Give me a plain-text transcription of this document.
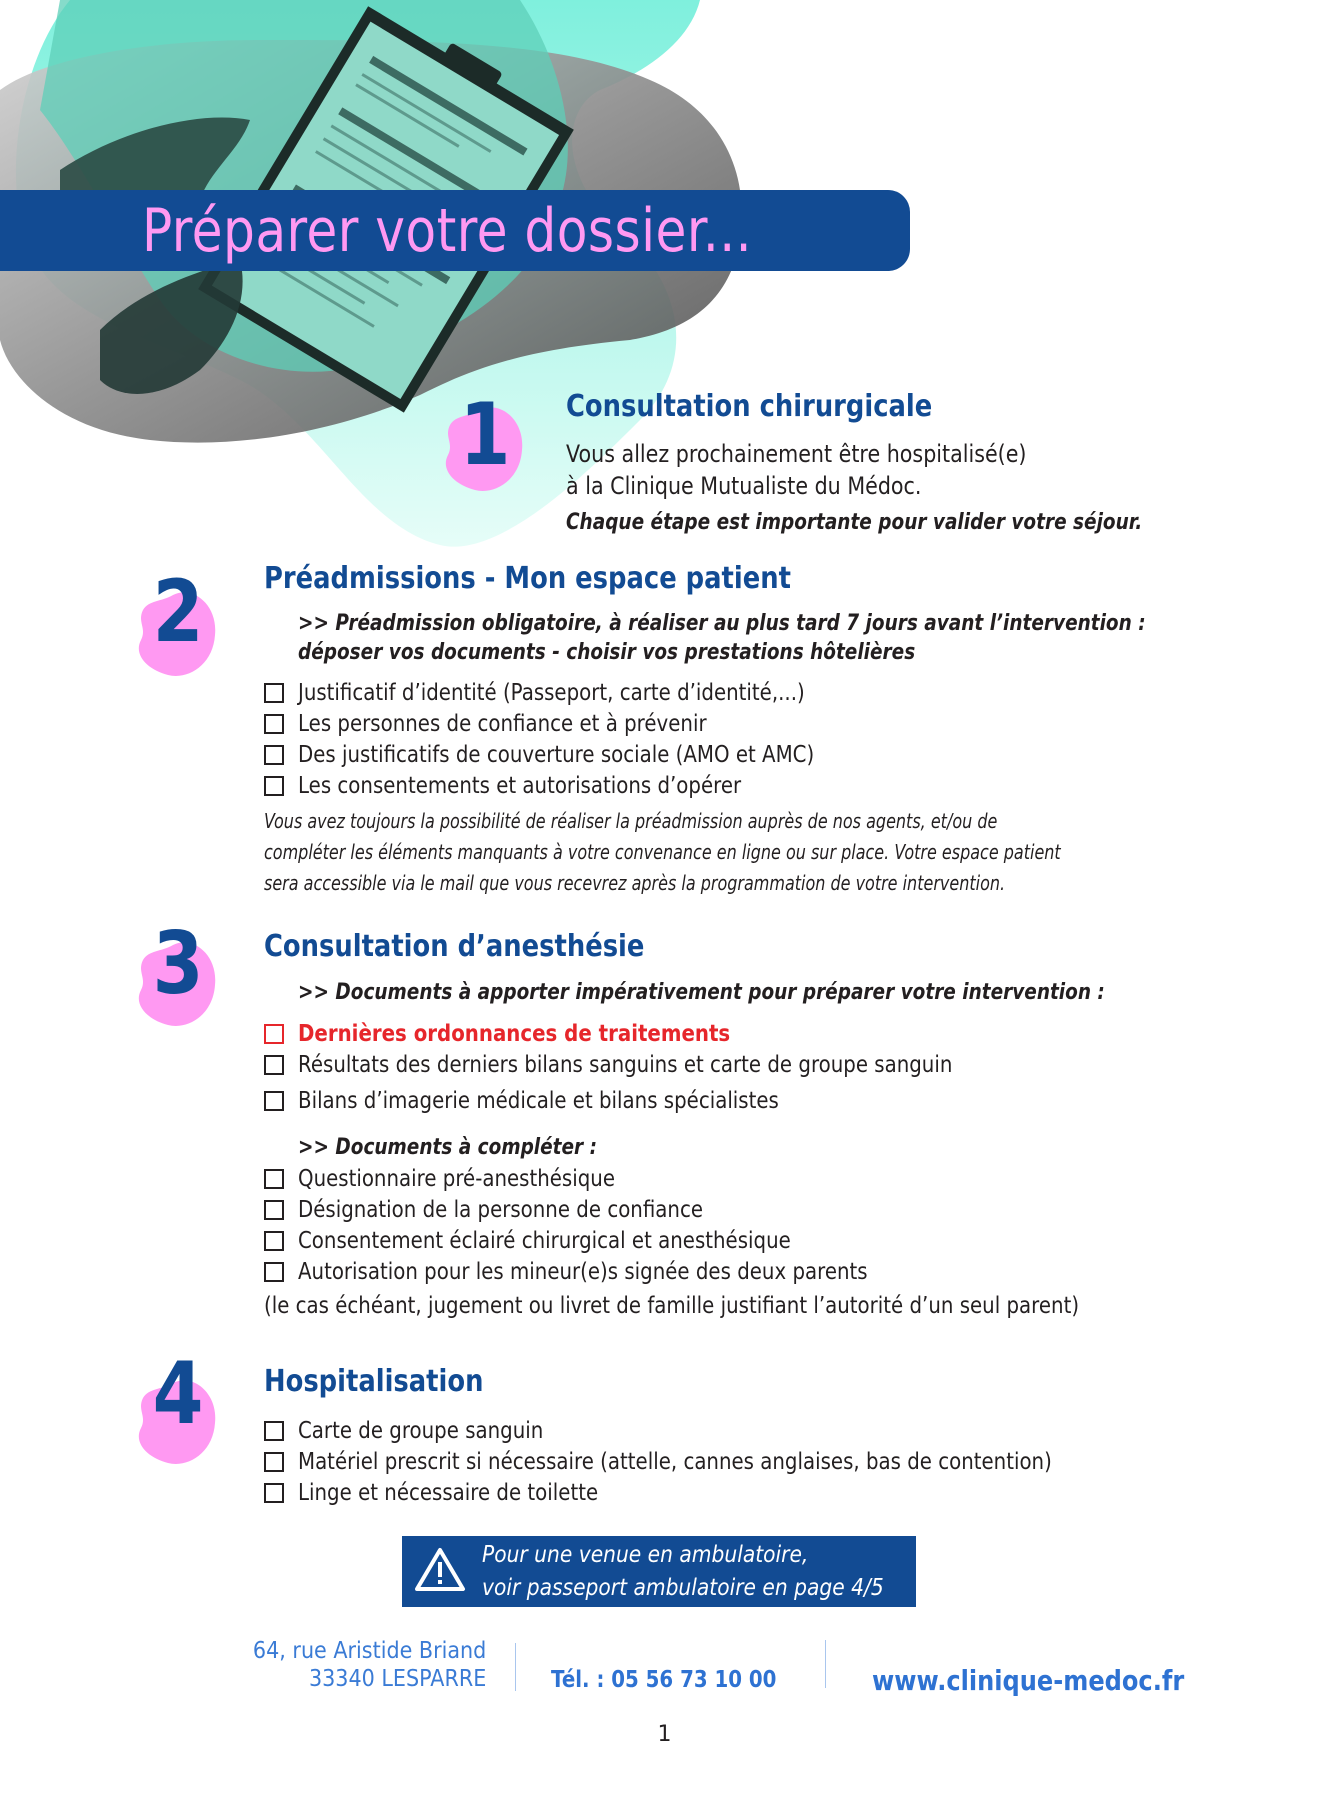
Préparer votre dossier...
1	Consultation chirurgicale
Vous allez prochainement être hospitalisé(e)
à la Clinique Mutualiste du Médoc.
Chaque étape est importante pour valider votre séjour.
2	Préadmissions - Mon espace patient
>> Préadmission obligatoire, à réaliser au plus tard 7 jours avant l’intervention :
déposer vos documents - choisir vos prestations hôtelières
Justificatif d’identité (Passeport, carte d’identité,...)
Les personnes de confiance et à prévenir
Des justificatifs de couverture sociale (AMO et AMC)
Les consentements et autorisations d’opérer
Vous avez toujours la possibilité de réaliser la préadmission auprès de nos agents, et/ou de
compléter les éléments manquants à votre convenance en ligne ou sur place. Votre espace patient
sera accessible via le mail que vous recevrez après la programmation de votre intervention.
3	Consultation d’anesthésie
>> Documents à apporter impérativement pour préparer votre intervention :
Dernières ordonnances de traitements
Résultats des derniers bilans sanguins et carte de groupe sanguin
Bilans d’imagerie médicale et bilans spécialistes
>> Documents à compléter :
Questionnaire pré-anesthésique
Désignation de la personne de confiance
Consentement éclairé chirurgical et anesthésique
Autorisation pour les mineur(e)s signée des deux parents
(le cas échéant, jugement ou livret de famille justifiant l’autorité d’un seul parent)
4	Hospitalisation
Carte de groupe sanguin
Matériel prescrit si nécessaire (attelle, cannes anglaises, bas de contention)
Linge et nécessaire de toilette
Pour une venue en ambulatoire,
voir passeport ambulatoire en page 4/5
64, rue Aristide Briand
33340 LESPARRE	Tél. : 05 56 73 10 00	www.clinique-medoc.fr
1
